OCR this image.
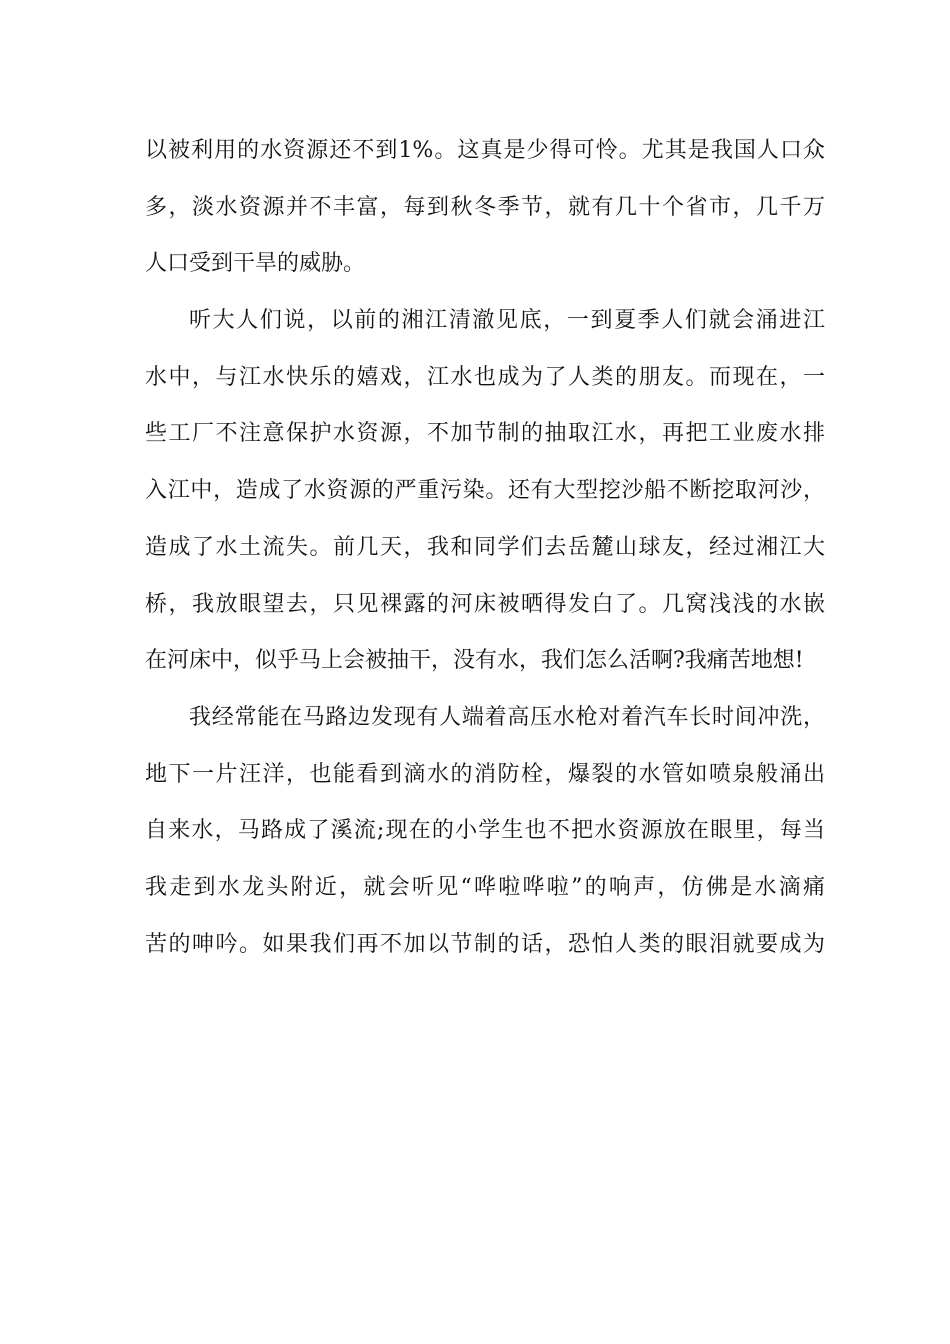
以被利用的水资源还不到1%。这真是少得可怜。尤其是我国人口众
多，淡水资源并不丰富，每到秋冬季节，就有几十个省市，几千万
人口受到干旱的威胁。
听大人们说，以前的湘江清澈见底，一到夏季人们就会涌进江
水中，与江水快乐的嬉戏，江水也成为了人类的朋友。而现在，一
些工厂不注意保护水资源，不加节制的抽取江水，再把工业废水排
入江中，造成了水资源的严重污染。还有大型挖沙船不断挖取河沙，
造成了水土流失。前几天，我和同学们去岳麓山球友，经过湘江大
桥，我放眼望去，只见裸露的河床被晒得发白了。几窝浅浅的水嵌
在河床中，似乎马上会被抽干，没有水，我们怎么活啊?我痛苦地想!
我经常能在马路边发现有人端着高压水枪对着汽车长时间冲洗，
地下一片汪洋，也能看到滴水的消防栓，爆裂的水管如喷泉般涌出
自来水，马路成了溪流;现在的小学生也不把水资源放在眼里，每当
我走到水龙头附近，就会听见“哗啦哗啦”的响声，仿佛是水滴痛
苦的呻吟。如果我们再不加以节制的话，恐怕人类的眼泪就要成为
